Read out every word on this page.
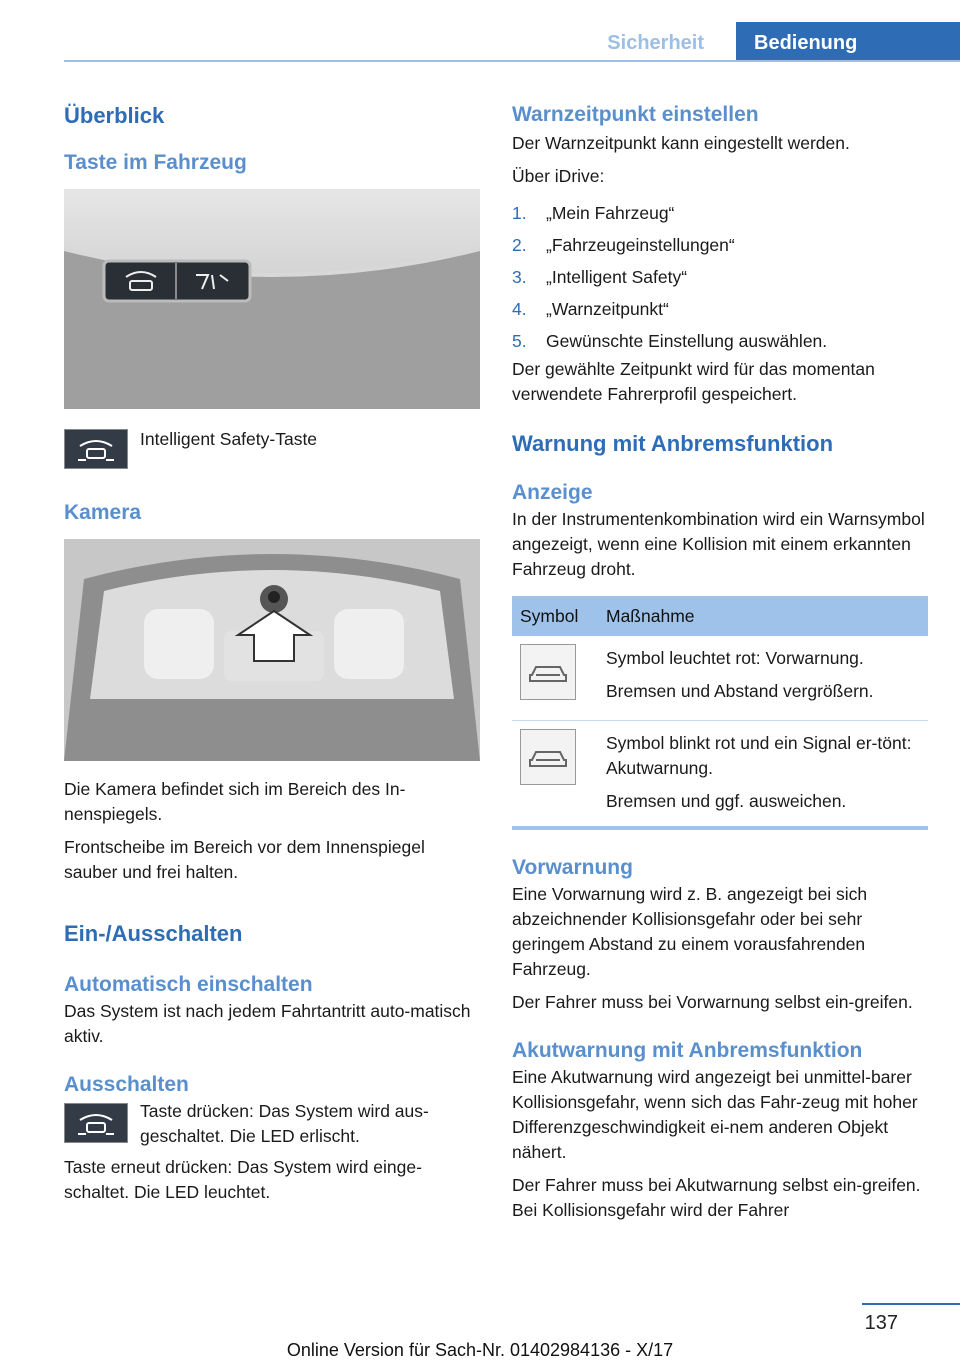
Sicherheit	Bedienung
Überblick
Taste im Fahrzeug

Intelligent Safety-Taste

Kamera

Die Kamera befindet sich im Bereich des In-nenspiegels.

Frontscheibe im Bereich vor dem Innenspiegel sauber und frei halten.

Ein-/Ausschalten
Automatisch einschalten

Das System ist nach jedem Fahrtantritt auto-matisch aktiv.

Ausschalten

Taste drücken: Das System wird aus-geschaltet. Die LED erlischt.

Taste erneut drücken: Das System wird einge-schaltet. Die LED leuchtet.

Warnzeitpunkt einstellen

Der Warnzeitpunkt kann eingestellt werden.

Über iDrive:

1. „Mein Fahrzeug“
2. „Fahrzeugeinstellungen“
3. „Intelligent Safety“
4. „Warnzeitpunkt“
5. Gewünschte Einstellung auswählen.

Der gewählte Zeitpunkt wird für das momentan verwendete Fahrerprofil gespeichert.

Warnung mit Anbremsfunktion
Anzeige

In der Instrumentenkombination wird ein Warnsymbol angezeigt, wenn eine Kollision mit einem erkannten Fahrzeug droht.

Symbol	Maßnahme

Symbol leuchtet rot: Vorwarnung.
Bremsen und Abstand vergrößern.

Symbol blinkt rot und ein Signal er-tönt: Akutwarnung.
Bremsen und ggf. ausweichen.
Vorwarnung

Eine Vorwarnung wird z. B. angezeigt bei sich abzeichnender Kollisionsgefahr oder bei sehr geringem Abstand zu einem vorausfahrenden Fahrzeug.

Der Fahrer muss bei Vorwarnung selbst ein-greifen.

Akutwarnung mit Anbremsfunktion

Eine Akutwarnung wird angezeigt bei unmittel-barer Kollisionsgefahr, wenn sich das Fahr-zeug mit hoher Differenzgeschwindigkeit ei-nem anderen Objekt nähert.

Der Fahrer muss bei Akutwarnung selbst ein-greifen. Bei Kollisionsgefahr wird der Fahrer

137
Online Version für Sach-Nr. 01402984136 - X/17
